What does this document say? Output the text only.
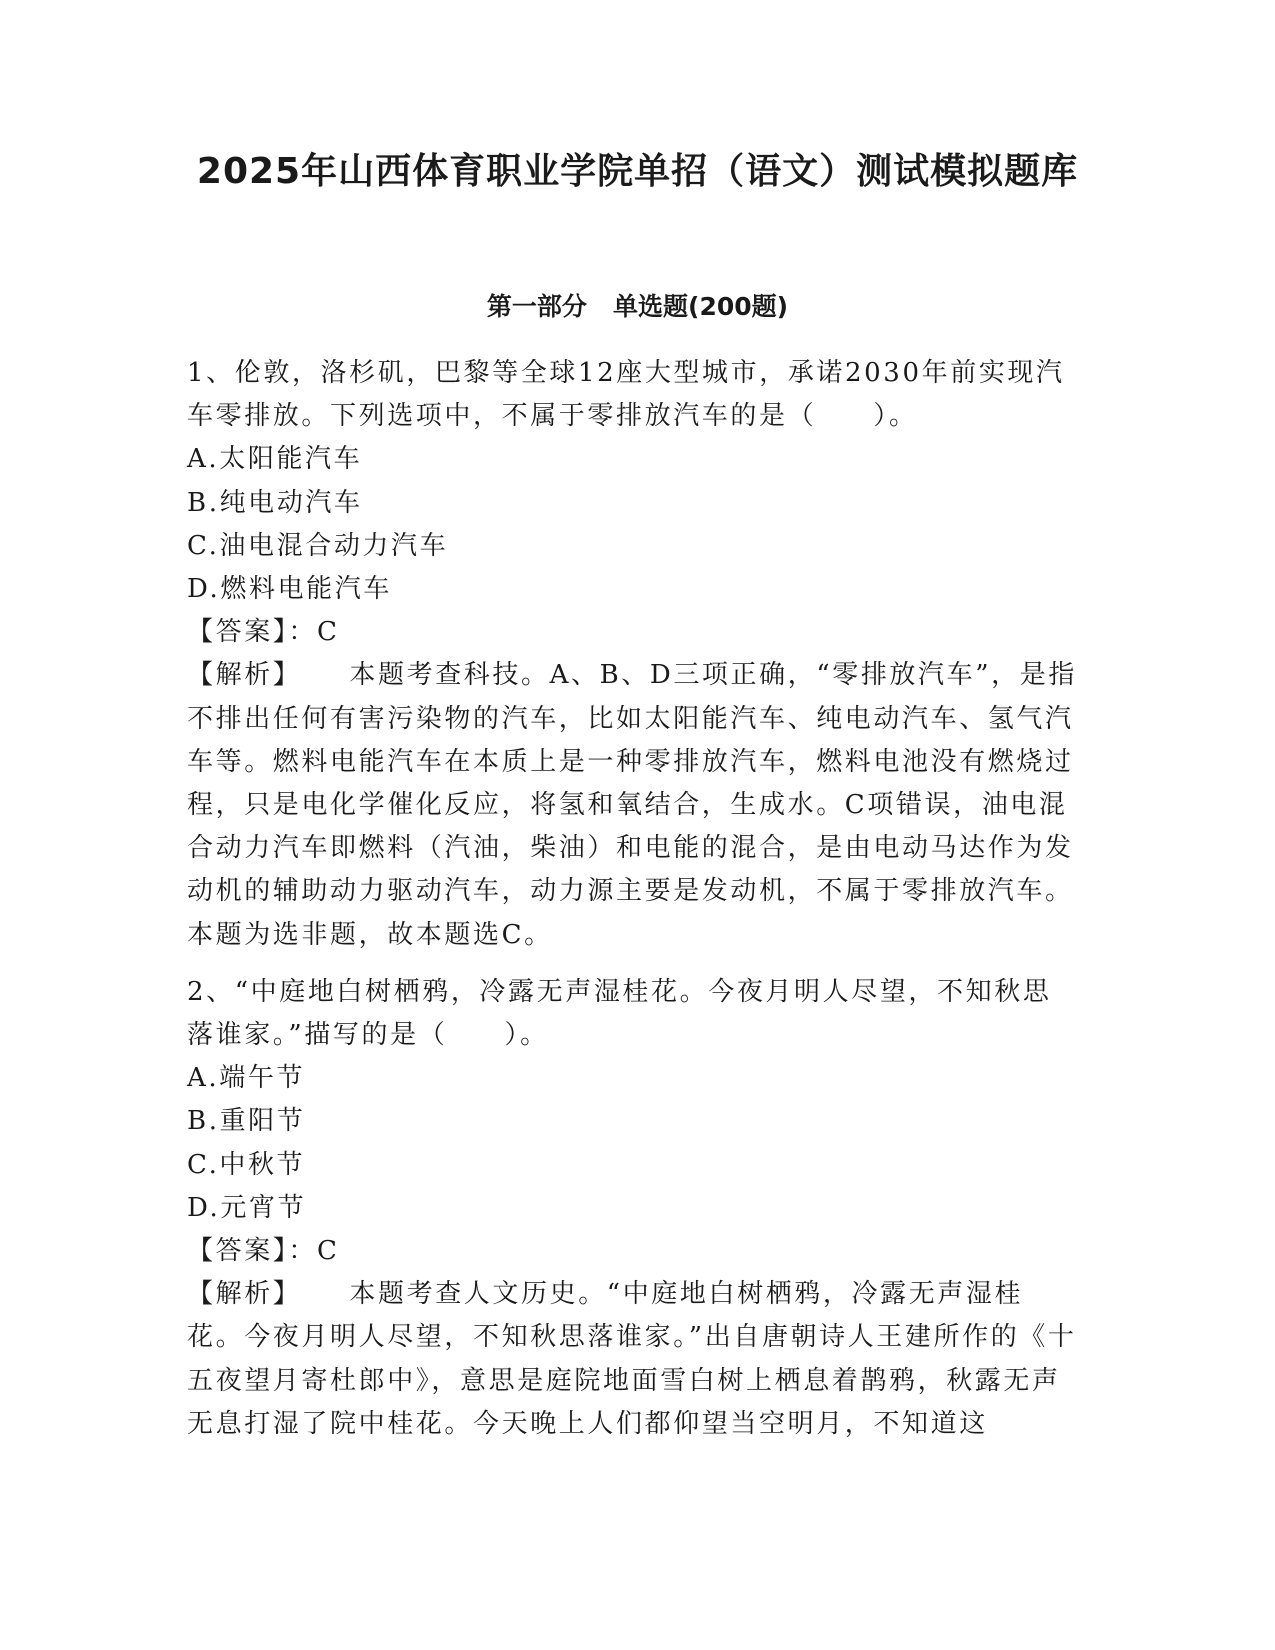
2025年山西体育职业学院单招（语文）测试模拟题库
第一部分 单选题(200题)

1、伦敦，洛杉矶，巴黎等全球12座大型城市，承诺2030年前实现汽车零排放。下列选项中，不属于零排放汽车的是（　　）。

A.太阳能汽车
B.纯电动汽车
C.油电混合动力汽车
D.燃料电能汽车

【答案】：C

【解析】 本题考查科技。A、B、D三项正确，“零排放汽车”，是指不排出任何有害污染物的汽车，比如太阳能汽车、纯电动汽车、氢气汽车等。燃料电能汽车在本质上是一种零排放汽车，燃料电池没有燃烧过程，只是电化学催化反应，将氢和氧结合，生成水。C项错误，油电混合动力汽车即燃料（汽油，柴油）和电能的混合，是由电动马达作为发动机的辅助动力驱动汽车，动力源主要是发动机，不属于零排放汽车。本题为选非题，故本题选C。

2、“中庭地白树栖鸦，冷露无声湿桂花。今夜月明人尽望，不知秋思落谁家。”描写的是（　　）。

A.端午节
B.重阳节
C.中秋节
D.元宵节

【答案】：C

【解析】 本题考查人文历史。“中庭地白树栖鸦，冷露无声湿桂花。今夜月明人尽望，不知秋思落谁家。”出自唐朝诗人王建所作的《十五夜望月寄杜郎中》，意思是庭院地面雪白树上栖息着鹊鸦，秋露无声无息打湿了院中桂花。今天晚上人们都仰望当空明月，不知道这
